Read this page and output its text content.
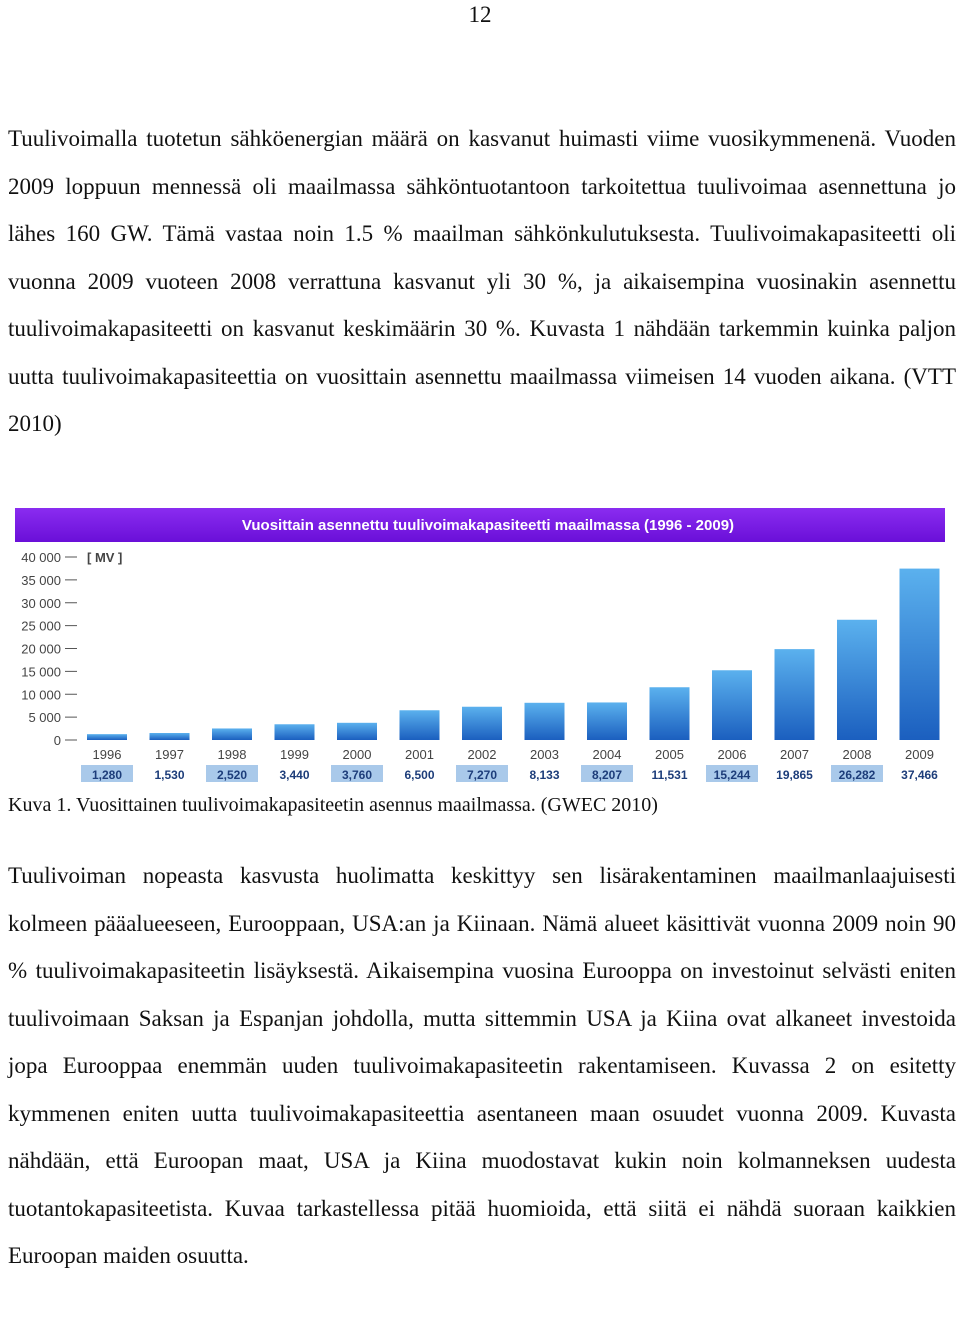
12

Tuulivoimalla tuotetun sähköenergian määrä on kasvanut huimasti viime vuosikymmenenä. Vuoden 2009 loppuun mennessä oli maailmassa sähköntuotantoon tarkoitettua tuulivoimaa asennettuna jo lähes 160 GW. Tämä vastaa noin 1.5 % maailman sähkönkulutuksesta. Tuulivoimakapasiteetti oli vuonna 2009 vuoteen 2008 verrattuna kasvanut yli 30 %, ja aikaisempina vuosinakin asennettu tuulivoimakapasiteetti on kasvanut keskimäärin 30 %. Kuvasta 1 nähdään tarkemmin kuinka paljon uutta tuulivoimakapasiteettia on vuosittain asennettu maailmassa viimeisen 14 vuoden aikana. (VTT 2010)

Vuosittain asennettu tuulivoimakapasiteetti maailmassa (1996 - 2009)
0
5 000
10 000
15 000
20 000
25 000
30 000
35 000
40 000 [ MV ]
1996
1,280
1997
1,530
1998
2,520
1999
3,440
2000
3,760
2001
6,500
2002
7,270
2003
8,133
2004
8,207
2005
11,531
2006
15,244
2007
19,865
2008
26,282
2009
37,466
Kuva 1. Vuosittainen tuulivoimakapasiteetin asennus maailmassa. (GWEC 2010)

Tuulivoiman nopeasta kasvusta huolimatta keskittyy sen lisärakentaminen maailmanlaajuisesti kolmeen pääalueeseen, Eurooppaan, USA:an ja Kiinaan. Nämä alueet käsittivät vuonna 2009 noin 90 % tuulivoimakapasiteetin lisäyksestä. Aikaisempina vuosina Eurooppa on investoinut selvästi eniten tuulivoimaan Saksan ja Espanjan johdolla, mutta sittemmin USA ja Kiina ovat alkaneet investoida jopa Eurooppaa enemmän uuden tuulivoimakapasiteetin rakentamiseen. Kuvassa 2 on esitetty kymmenen eniten uutta tuulivoimakapasiteettia asentaneen maan osuudet vuonna 2009. Kuvasta nähdään, että Euroopan maat, USA ja Kiina muodostavat kukin noin kolmanneksen uudesta tuotantokapasiteetista. Kuvaa tarkastellessa pitää huomioida, että siitä ei nähdä suoraan kaikkien Euroopan maiden osuutta.
